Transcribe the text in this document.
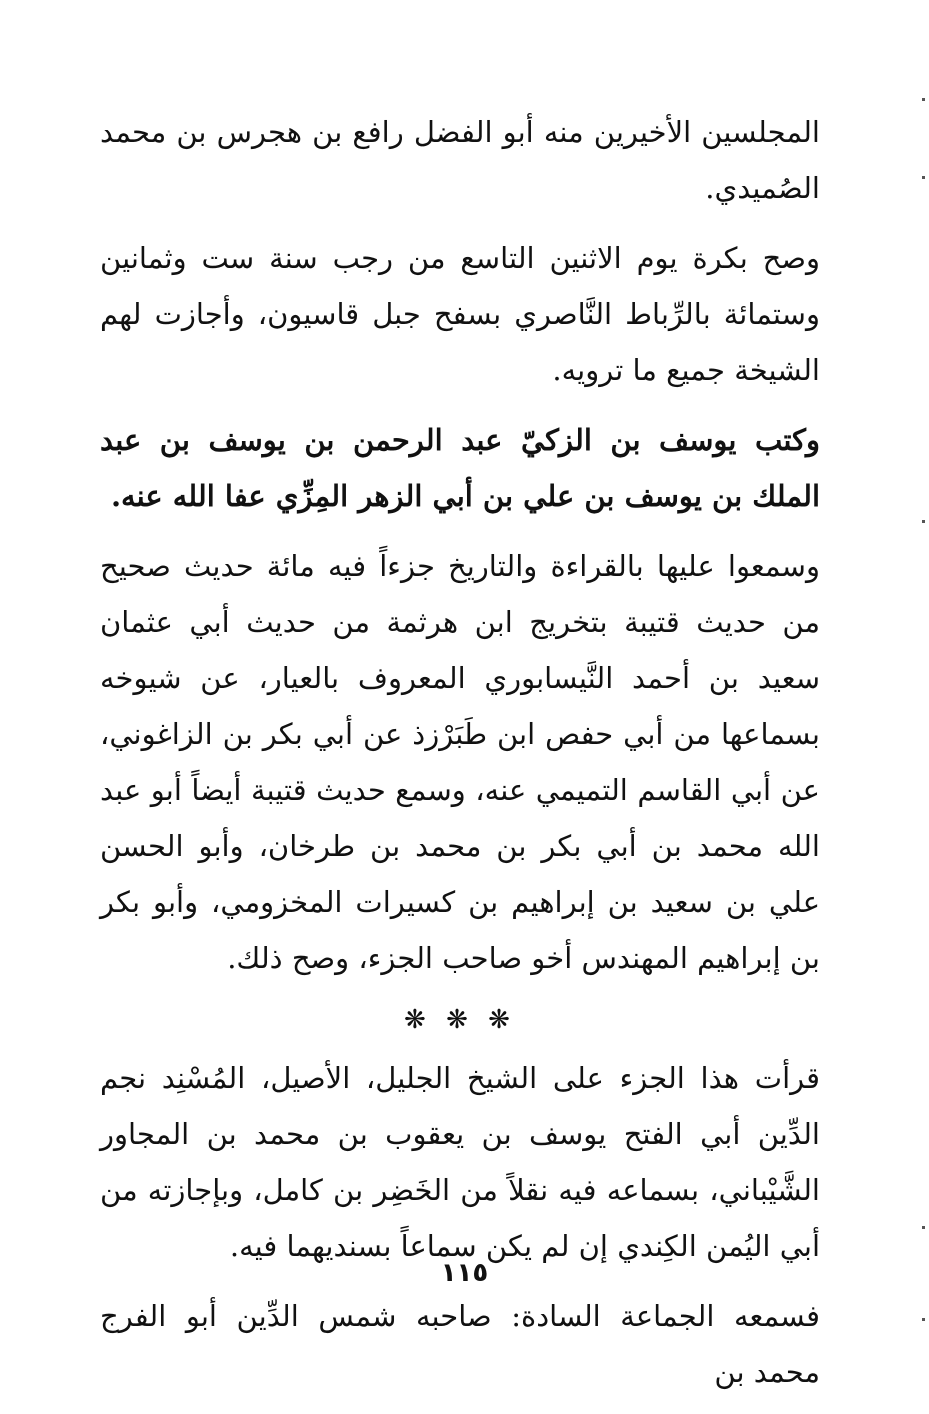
المجلسين الأخيرين منه أبو الفضل رافع بن هجرس بن محمد الصُميدي.

وصح بكرة يوم الاثنين التاسع من رجب سنة ست وثمانين وستمائة بالرِّباط النَّاصري بسفح جبل قاسيون، وأجازت لهم الشيخة جميع ما ترويه.

وكتب يوسف بن الزكيّ عبد الرحمن بن يوسف بن عبد الملك بن يوسف بن علي بن أبي الزهر المِزِّي عفا الله عنه.

وسمعوا عليها بالقراءة والتاريخ جزءاً فيه مائة حديث صحيح من حديث قتيبة بتخريج ابن هرثمة من حديث أبي عثمان سعيد بن أحمد النَّيسابوري المعروف بالعيار، عن شيوخه بسماعها من أبي حفص ابن طَبَرْزذ عن أبي بكر بن الزاغوني، عن أبي القاسم التميمي عنه، وسمع حديث قتيبة أيضاً أبو عبد الله محمد بن أبي بكر بن محمد بن طرخان، وأبو الحسن علي بن سعيد بن إبراهيم بن كسيرات المخزومي، وأبو بكر بن إبراهيم المهندس أخو صاحب الجزء، وصح ذلك.

❋ ❋ ❋

قرأت هذا الجزء على الشيخ الجليل، الأصيل، المُسْنِد نجم الدِّين أبي الفتح يوسف بن يعقوب بن محمد بن المجاور الشَّيْباني، بسماعه فيه نقلاً من الخَضِر بن كامل، وبإجازته من أبي اليُمن الكِندي إن لم يكن سماعاً بسنديهما فيه.

فسمعه الجماعة السادة: صاحبه شمس الدِّين أبو الفرج محمد بن

١١٥
